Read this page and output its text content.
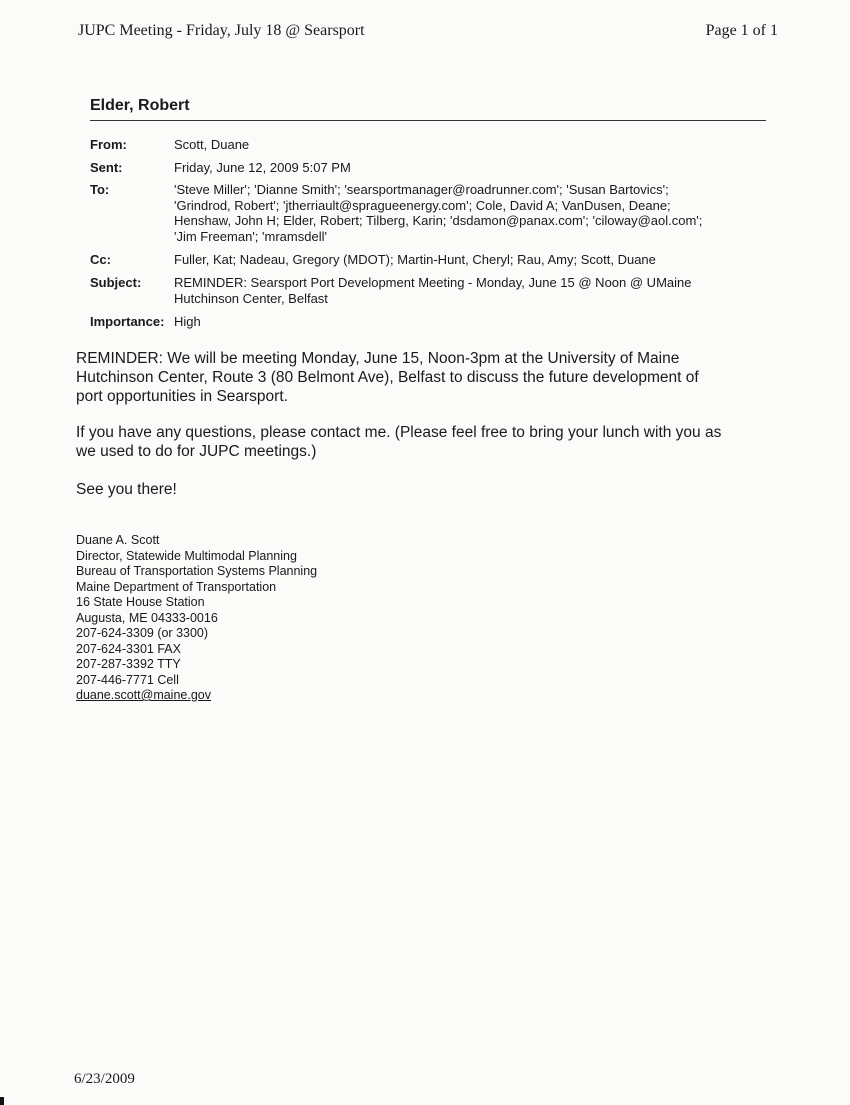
JUPC Meeting - Friday, July 18 @ Searsport	Page 1 of 1
Elder, Robert
From:	Scott, Duane
Sent:	Friday, June 12, 2009 5:07 PM
To:	'Steve Miller'; 'Dianne Smith'; 'searsportmanager@roadrunner.com'; 'Susan Bartovics';
'Grindrod, Robert'; 'jtherriault@spragueenergy.com'; Cole, David A; VanDusen, Deane;
Henshaw, John H; Elder, Robert; Tilberg, Karin; 'dsdamon@panax.com'; 'ciloway@aol.com';
'Jim Freeman'; 'mramsdell'
Cc:	Fuller, Kat; Nadeau, Gregory (MDOT); Martin-Hunt, Cheryl; Rau, Amy; Scott, Duane
Subject:	REMINDER: Searsport Port Development Meeting - Monday, June 15 @ Noon @ UMaine
Hutchinson Center, Belfast
Importance: High
REMINDER: We will be meeting Monday, June 15, Noon-3pm at the University of Maine
Hutchinson Center, Route 3 (80 Belmont Ave), Belfast to discuss the future development of
port opportunities in Searsport.
If you have any questions, please contact me. (Please feel free to bring your lunch with you as
we used to do for JUPC meetings.)
See you there!
Duane A. Scott
Director, Statewide Multimodal Planning
Bureau of Transportation Systems Planning
Maine Department of Transportation
16 State House Station
Augusta, ME 04333-0016
207-624-3309 (or 3300)
207-624-3301 FAX
207-287-3392 TTY
207-446-7771 Cell
duane.scott@maine.gov
6/23/2009
